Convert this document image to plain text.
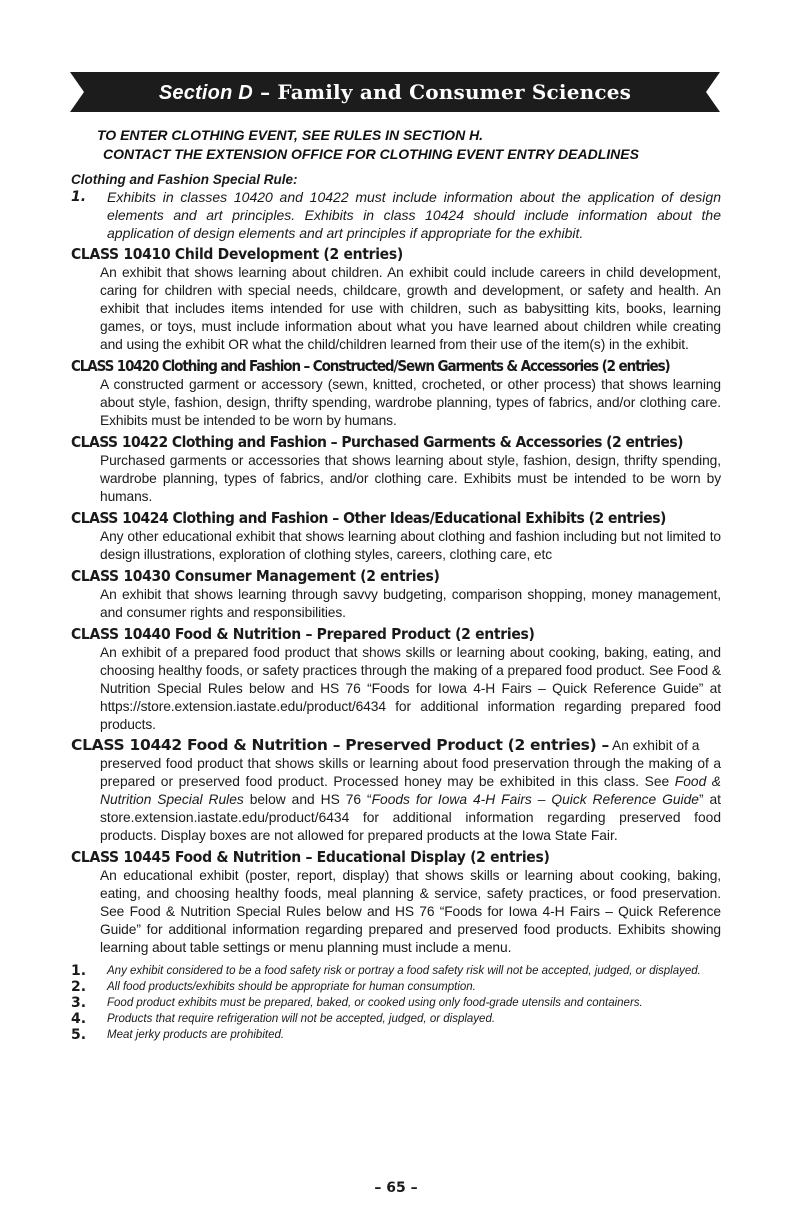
Section D – Family and Consumer Sciences
TO ENTER CLOTHING EVENT, SEE RULES IN SECTION H.
CONTACT THE EXTENSION OFFICE FOR CLOTHING EVENT ENTRY DEADLINES
Clothing and Fashion Special Rule:
1.	Exhibits in classes 10420 and 10422 must include information about the application of design elements and art principles. Exhibits in class 10424 should include information about the application of design elements and art principles if appropriate for the exhibit.
CLASS 10410 Child Development (2 entries)
An exhibit that shows learning about children. An exhibit could include careers in child development, caring for children with special needs, childcare, growth and development, or safety and health. An exhibit that includes items intended for use with children, such as babysitting kits, books, learning games, or toys, must include information about what you have learned about children while creating and using the exhibit OR what the child/children learned from their use of the item(s) in the exhibit.
CLASS 10420 Clothing and Fashion – Constructed/Sewn Garments & Accessories (2 entries)
A constructed garment or accessory (sewn, knitted, crocheted, or other process) that shows learning about style, fashion, design, thrifty spending, wardrobe planning, types of fabrics, and/or clothing care. Exhibits must be intended to be worn by humans.
CLASS 10422 Clothing and Fashion – Purchased Garments & Accessories (2 entries)
Purchased garments or accessories that shows learning about style, fashion, design, thrifty spending, wardrobe planning, types of fabrics, and/or clothing care. Exhibits must be intended to be worn by humans.
CLASS 10424 Clothing and Fashion – Other Ideas/Educational Exhibits (2 entries)
Any other educational exhibit that shows learning about clothing and fashion including but not limited to design illustrations, exploration of clothing styles, careers, clothing care, etc
CLASS 10430 Consumer Management (2 entries)
An exhibit that shows learning through savvy budgeting, comparison shopping, money management, and consumer rights and responsibilities.
CLASS 10440 Food & Nutrition – Prepared Product (2 entries)
An exhibit of a prepared food product that shows skills or learning about cooking, baking, eating, and choosing healthy foods, or safety practices through the making of a prepared food product. See Food & Nutrition Special Rules below and HS 76 “Foods for Iowa 4-H Fairs – Quick Reference Guide” at https://store.extension.iastate.edu/product/6434 for additional information regarding prepared food products.
CLASS 10442 Food & Nutrition – Preserved Product (2 entries) – An exhibit of a
preserved food product that shows skills or learning about food preservation through the making of a prepared or preserved food product. Processed honey may be exhibited in this class. See Food & Nutrition Special Rules below and HS 76 “Foods for Iowa 4-H Fairs – Quick Reference Guide” at store.extension.iastate.edu/product/6434 for additional information regarding preserved food products. Display boxes are not allowed for prepared products at the Iowa State Fair.
CLASS 10445 Food & Nutrition – Educational Display (2 entries)
An educational exhibit (poster, report, display) that shows skills or learning about cooking, baking, eating, and choosing healthy foods, meal planning & service, safety practices, or food preservation. See Food & Nutrition Special Rules below and HS 76 “Foods for Iowa 4-H Fairs – Quick Reference Guide” for additional information regarding prepared and preserved food products. Exhibits showing learning about table settings or menu planning must include a menu.
1.	Any exhibit considered to be a food safety risk or portray a food safety risk will not be accepted, judged, or displayed.
2.	All food products/exhibits should be appropriate for human consumption.
3.	Food product exhibits must be prepared, baked, or cooked using only food-grade utensils and containers.
4.	Products that require refrigeration will not be accepted, judged, or displayed.
5.	Meat jerky products are prohibited.
– 65 –
